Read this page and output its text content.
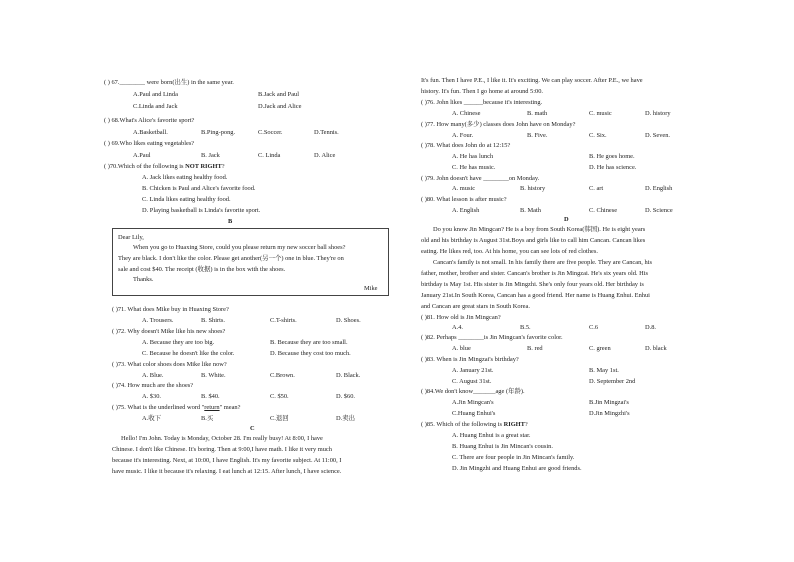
( ) 67.________ were born(出生) in the same year.
A.Paul and Linda	B.Jack and Paul
C.Linda and Jack	D.Jack and Alice
( ) 68.What's Alice's favorite sport?
A.Basketball.	B.Ping-pong.	C.Soccer.	D.Tennis.
( ) 69.Who likes eating vegetables?
A.Paul	B. Jack	C. Linda	D. Alice
( )70.Which of the following is NOT RIGHT?
A. Jack likes eating healthy food.
B. Chicken is Paul and Alice's favorite food.
C. Linda likes eating healthy food.
D. Playing basketball is Linda's favorite sport.
B
Dear Lily,
When you go to Huaxing Store, could you please return my new soccer ball shoes?
They are black. I don't like the color. Please get another(另一个) one in blue. They're on
sale and cost $40. The receipt (收据) is in the box with the shoes.
Thanks.
Mike
( )71. What does Mike buy in Huaxing Store?
A. Trousers.	B. Shirts.	C.T-shirts.	D. Shoes.
( )72. Why doesn't Mike like his new shoes?
A. Because they are too big.	B. Because they are too small.
C. Because he doesn't like the color.	D. Because they cost too much.
( )73. What color shoes does Mike like now?
A. Blue.	B. White.	C.Brown.	D. Black.
( )74. How much are the shoes?
A. $30.	B. $40.	C. $50.	D. $60.
( )75. What is the underlined word "return" mean?
A.收下	B.买	C.退回	D.卖出
C
Hello! I'm John. Today is Monday, October 28. I'm really busy! At 8:00, I have
Chinese. I don't like Chinese. It's boring. Then at 9:00,I have math. I like it very much
because it's interesting. Next, at 10:00, I have English. It's my favorite subject. At 11:00, I
have music. I like it because it's relaxing. I eat lunch at 12:15. After lunch, I have science.
It's fun. Then I have P.E., I like it. It's exciting. We can play soccer. After P.E., we have
history. It's fun. Then I go home at around 5:00.
( )76. John likes ______because it's interesting.
A. Chinese	B. math	C. music	D. history
( )77. How many(多少) classes does John have on Monday?
A. Four.	B. Five.	C. Six.	D. Seven.
( )78. What does John do at 12:15?
A. He has lunch	B. He goes home.
C. He has music.	D. He has science.
( )79. John doesn't have ________on Monday.
A. music	B. history	C. art	D. English
( )80. What lesson is after music?
A. English	B. Math	C. Chinese	D. Science
D
Do you know Jin Mingcan? He is a boy from South Korea(韩国). He is eight years
old and his birthday is August 31st.Boys and girls like to call him Cancan. Cancan likes
eating. He likes red, too. At his home, you can see lots of red clothes.
Cancan's family is not small. In his family there are five people. They are Cancan, his
father, mother, brother and sister. Cancan's brother is Jin Mingzai. He's six years old. His
birthday is May 1st. His sister is Jin Mingzhi. She's only four years old. Her birthday is
January 21st.In South Korea, Cancan has a good friend. Her name is Huang Enhui. Enhui
and Cancan are great stars in South Korea.
( )81. How old is Jin Mingcan?
A.4.	B.5.	C.6	D.8.
( )82. Perhaps ________is Jin Mingcan's favorite color.
A. blue	B. red	C. green	D. black
( )83. When is Jin Mingzai's birthday?
A. January 21st.	B. May 1st.
C. August 31st.	D. September 2nd
( )84.We don't know_______age (年龄).
A.Jin Mingcan's	B.Jin Mingzai's
C.Huang Enhui's	D.Jin Mingzhi's
( )85. Which of the following is RIGHT?
A. Huang Enhui is a great star.
B. Huang Enhui is Jin Mincan's cousin.
C. There are four people in Jin Mincan's family.
D. Jin Mingzhi and Huang Enhui are good friends.
